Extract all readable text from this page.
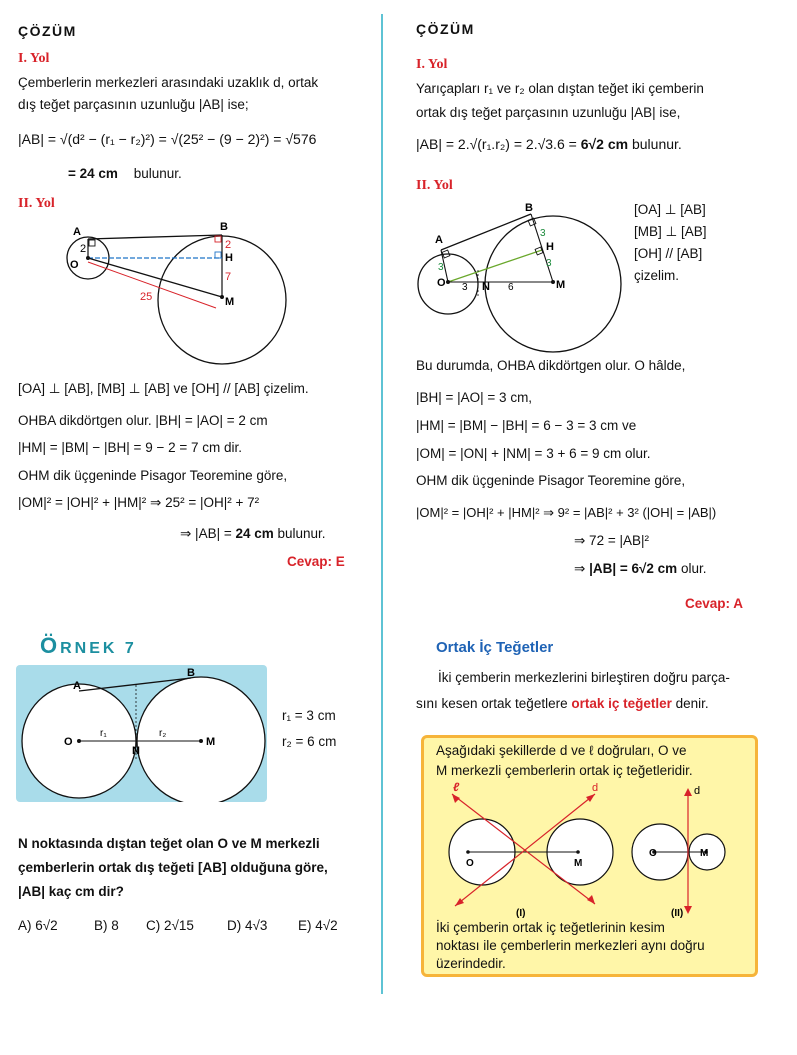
ÇÖZÜM
I. Yol
Çemberlerin merkezleri arasındaki uzaklık d, ortak
dış teğet parçasının uzunluğu |AB| ise;
|AB| = √(d² − (r₁ − r₂)²) = √(25² − (9 − 2)²) = √576
= 24 cm bulunur.
II. Yol
A	B
O
H
M
2	2
7
25
[OA] ⊥ [AB], [MB] ⊥ [AB] ve [OH] // [AB] çizelim.
OHBA dikdörtgen olur. |BH| = |AO| = 2 cm
|HM| = |BM| − |BH| = 9 − 2 = 7 cm dir.
OHM dik üçgeninde Pisagor Teoremine göre,
|OM|² = |OH|² + |HM|² ⇒ 25² = |OH|² + 7²
⇒ |AB| = 24 cm bulunur.
Cevap: E
ÖRNEK 7
A
B
O
N
M
r₁	r₂
r₁ = 3 cm
r₂ = 6 cm
N noktasında dıştan teğet olan O ve M merkezli
çemberlerin ortak dış teğeti [AB] olduğuna göre,
|AB| kaç cm dir?
A) 6√2	B) 8 C) 2√15 D) 4√3 E) 4√2
ÇÖZÜM
I. Yol
Yarıçapları r₁ ve r₂ olan dıştan teğet iki çemberin
ortak dış teğet parçasının uzunluğu |AB| ise,
|AB| = 2.√(r₁.r₂) = 2.√3.6 = 6√2 cm bulunur.
II. Yol
A
B
O	N	M
H
3
3
3
3	6
[OA] ⊥ [AB]
[MB] ⊥ [AB]
[OH] // [AB]
çizelim.
Bu durumda, OHBA dikdörtgen olur. O hâlde,
|BH| = |AO| = 3 cm,
|HM| = |BM| − |BH| = 6 − 3 = 3 cm ve
|OM| = |ON| + |NM| = 3 + 6 = 9 cm olur.
OHM dik üçgeninde Pisagor Teoremine göre,
|OM|² = |OH|² + |HM|² ⇒ 9² = |AB|² + 3² (|OH| = |AB|)
⇒ 72 = |AB|²
⇒ |AB| = 6√2 cm olur.
Cevap: A
Ortak İç Teğetler
İki çemberin merkezlerini birleştiren doğru parça-
sını kesen ortak teğetlere ortak iç teğetler denir.
Aşağıdaki şekillerde d ve ℓ doğruları, O ve
M merkezli çemberlerin ortak iç teğetleridir.
ℓ	d	d
O	M
O	M
(I)	(II)
İki çemberin ortak iç teğetlerinin kesim
noktası ile çemberlerin merkezleri aynı doğru
üzerindedir.
